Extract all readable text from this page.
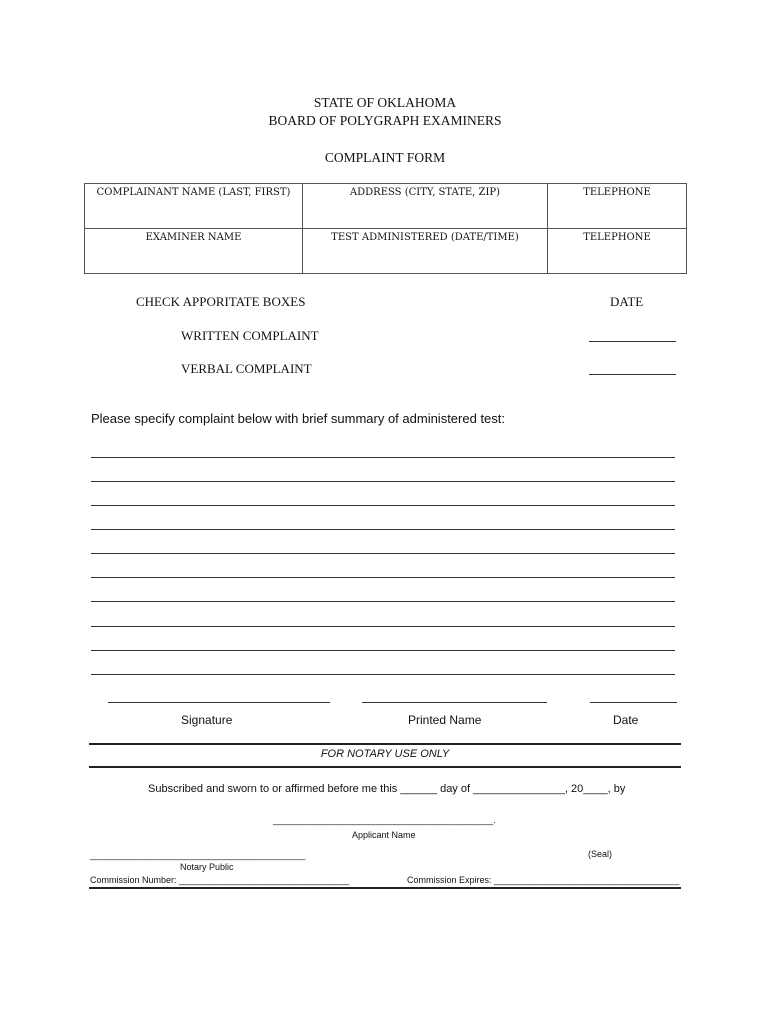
STATE OF OKLAHOMA
BOARD OF POLYGRAPH EXAMINERS
COMPLAINT FORM
COMPLAINANT NAME (LAST, FIRST)	ADDRESS (CITY, STATE, ZIP)	TELEPHONE
EXAMINER NAME	TEST ADMINISTERED (DATE/TIME)	TELEPHONE
CHECK APPORITATE BOXES	DATE
WRITTEN COMPLAINT
VERBAL COMPLAINT
Please specify complaint below with brief summary of administered test:
Signature	Printed Name	Date
FOR NOTARY USE ONLY
Subscribed and sworn to or affirmed before me this ______ day of _______________, 20____, by
____________________________________________.
Applicant Name
___________________________________________	(Seal)
Notary Public
Commission Number: __________________________________	Commission Expires: _____________________________________
